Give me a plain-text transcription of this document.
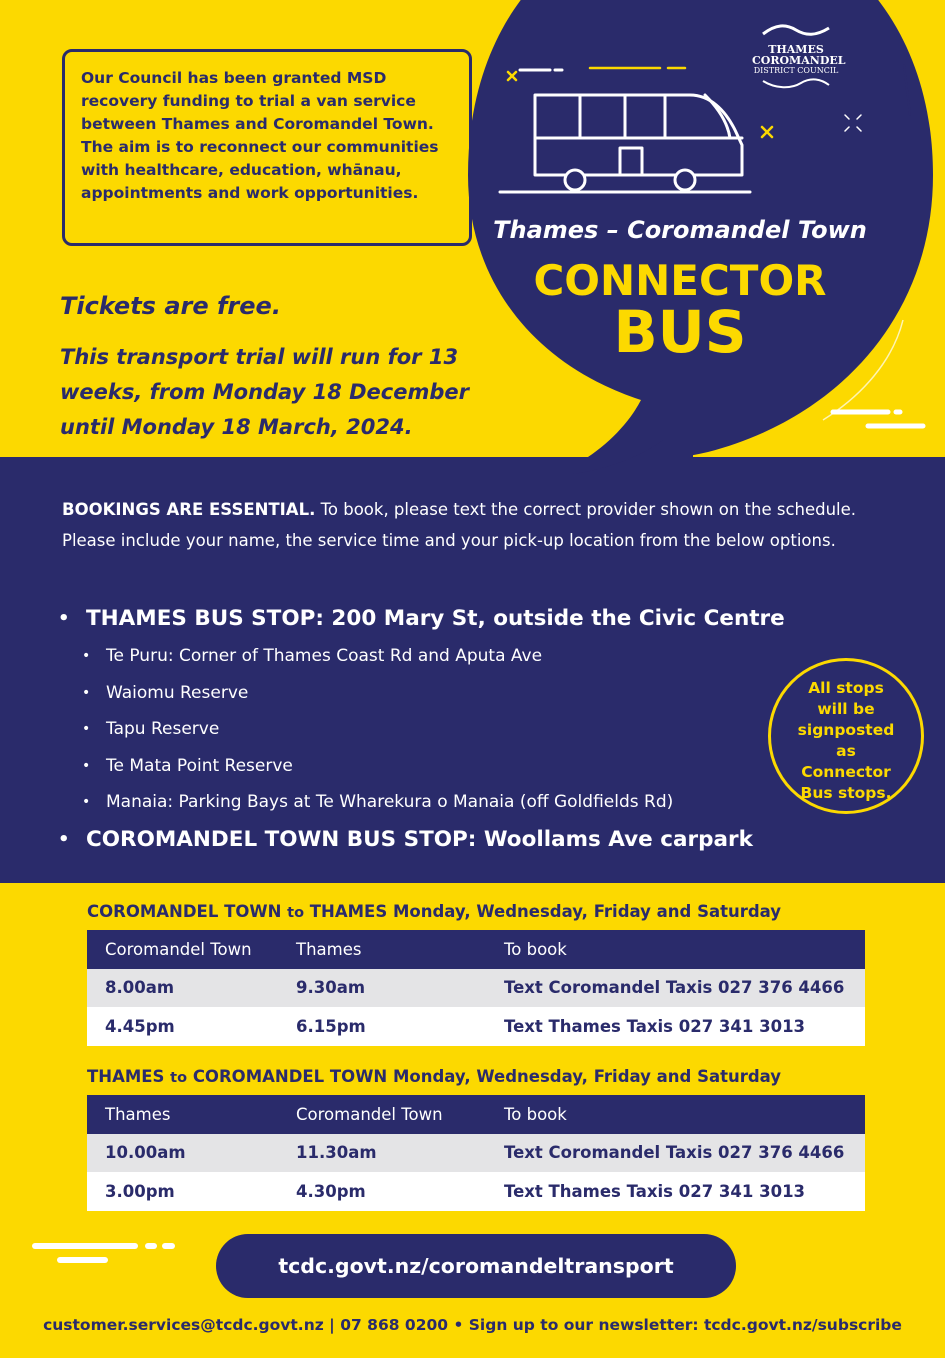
THAMES
COROMANDEL
DISTRICT COUNCIL
Thames – Coromandel Town
CONNECTOR
BUS
Our Council has been granted MSD recovery funding to trial a van service between Thames and Coromandel Town. The aim is to reconnect our communities with healthcare, education, whānau, appointments and work opportunities.
Tickets are free.
This transport trial will run for 13 weeks, from Monday 18 December until Monday 18 March, 2024.

BOOKINGS ARE ESSENTIAL. To book, please text the correct provider shown on the schedule. Please include your name, the service time and your pick-up location from the below options.

• THAMES BUS STOP: 200 Mary St, outside the Civic Centre
• Te Puru: Corner of Thames Coast Rd and Aputa Ave
• Waiomu Reserve
• Tapu Reserve
• Te Mata Point Reserve
• Manaia: Parking Bays at Te Wharekura o Manaia (off Goldfields Rd)
• COROMANDEL TOWN BUS STOP: Woollams Ave carpark
All stops will be signposted as Connector Bus stops.
COROMANDEL TOWN to THAMES Monday, Wednesday, Friday and Saturday
Coromandel Town	Thames	To book
8.00am	9.30am	Text Coromandel Taxis 027 376 4466
4.45pm	6.15pm	Text Thames Taxis 027 341 3013
THAMES to COROMANDEL TOWN Monday, Wednesday, Friday and Saturday
Thames	Coromandel Town	To book
10.00am	11.30am	Text Coromandel Taxis 027 376 4466
3.00pm	4.30pm	Text Thames Taxis 027 341 3013
tcdc.govt.nz/coromandeltransport
customer.services@tcdc.govt.nz | 07 868 0200 • Sign up to our newsletter: tcdc.govt.nz/subscribe
